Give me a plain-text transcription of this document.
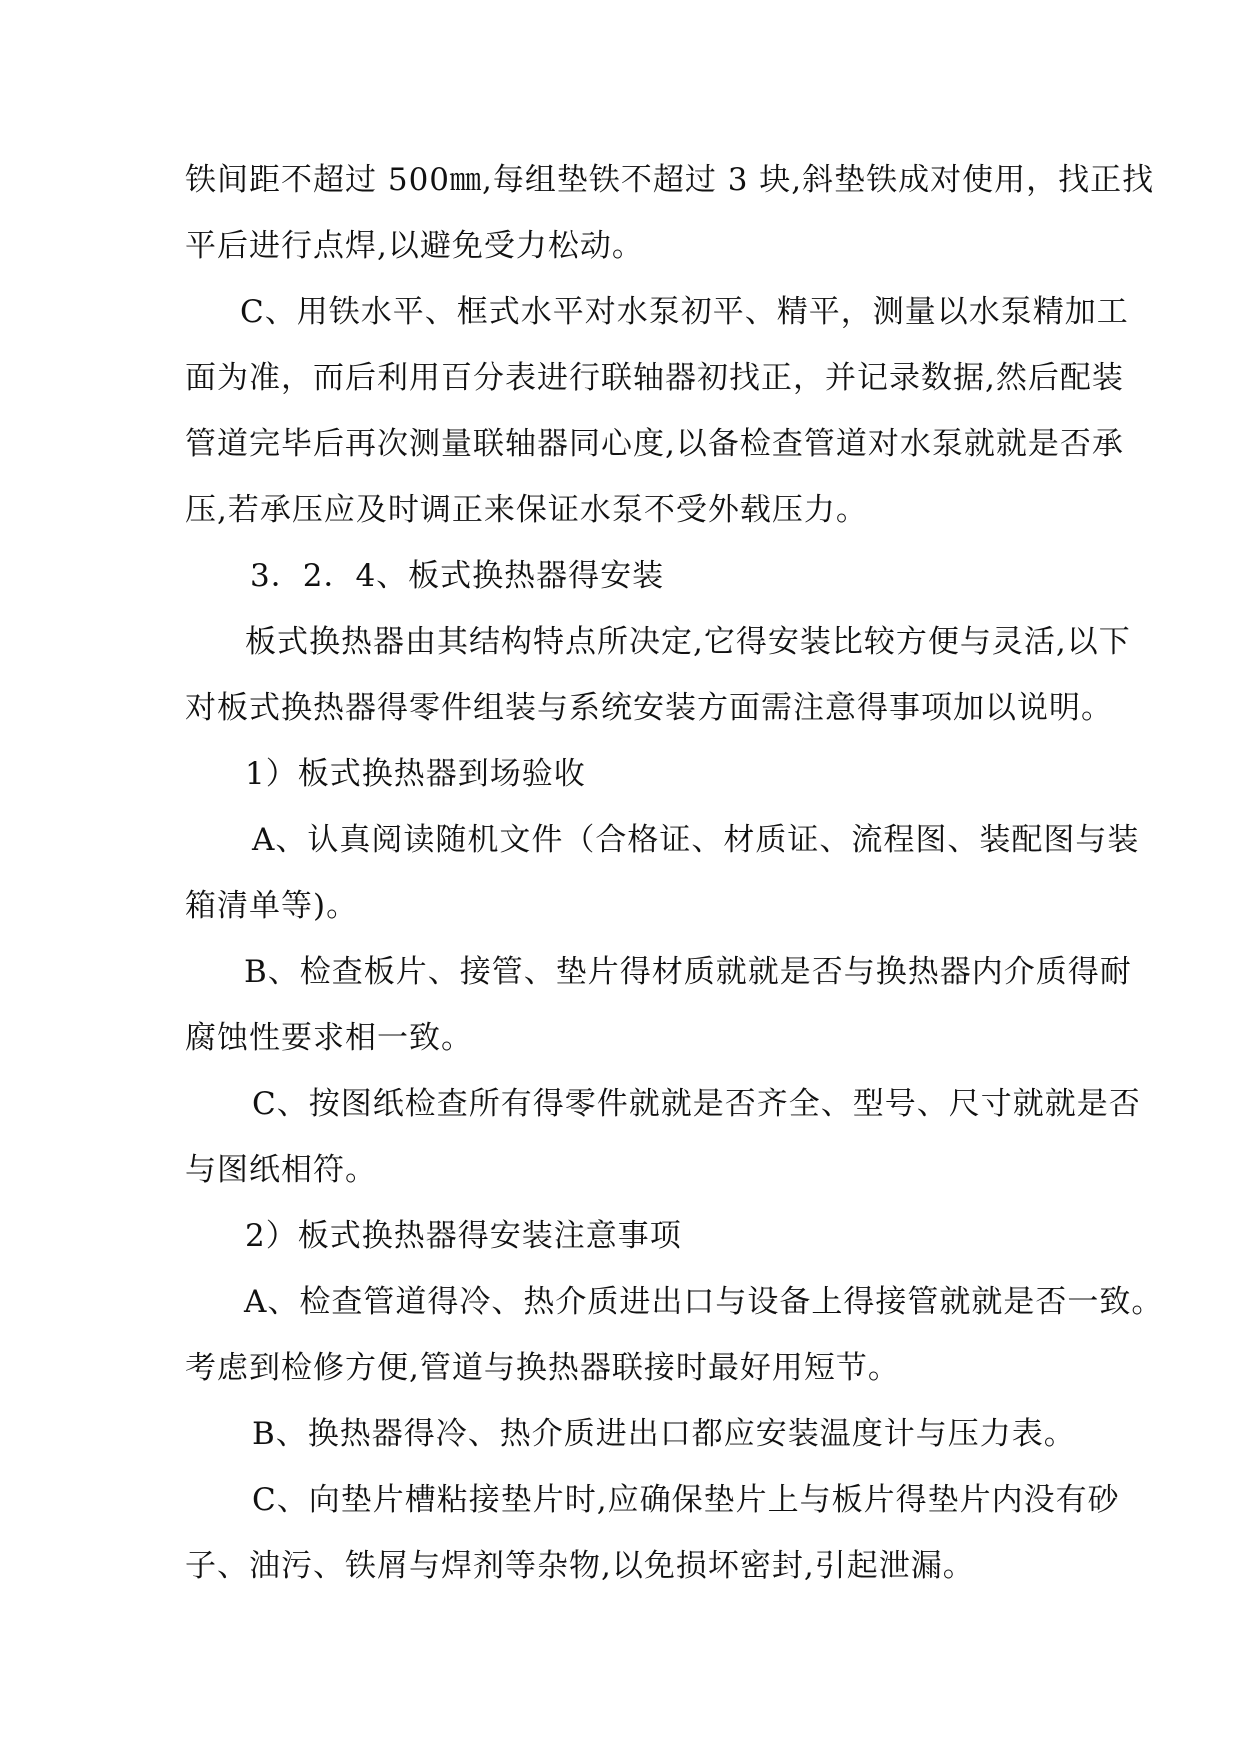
铁间距不超过 500㎜,每组垫铁不超过 3 块,斜垫铁成对使用，找正找
平后进行点焊,以避免受力松动。
C、用铁水平、框式水平对水泵初平、精平，测量以水泵精加工
面为准，而后利用百分表进行联轴器初找正，并记录数据,然后配装
管道完毕后再次测量联轴器同心度,以备检查管道对水泵就就是否承
压,若承压应及时调正来保证水泵不受外载压力。
3．2．4、板式换热器得安装
板式换热器由其结构特点所决定,它得安装比较方便与灵活,以下
对板式换热器得零件组装与系统安装方面需注意得事项加以说明。
1）板式换热器到场验收
A、认真阅读随机文件（合格证、材质证、流程图、装配图与装
箱清单等)。
B、检查板片、接管、垫片得材质就就是否与换热器内介质得耐
腐蚀性要求相一致。
C、按图纸检查所有得零件就就是否齐全、型号、尺寸就就是否
与图纸相符。
2）板式换热器得安装注意事项
A、检查管道得冷、热介质进出口与设备上得接管就就是否一致。
考虑到检修方便,管道与换热器联接时最好用短节。
B、换热器得冷、热介质进出口都应安装温度计与压力表。
C、向垫片槽粘接垫片时,应确保垫片上与板片得垫片内没有砂
子、油污、铁屑与焊剂等杂物,以免损坏密封,引起泄漏。
